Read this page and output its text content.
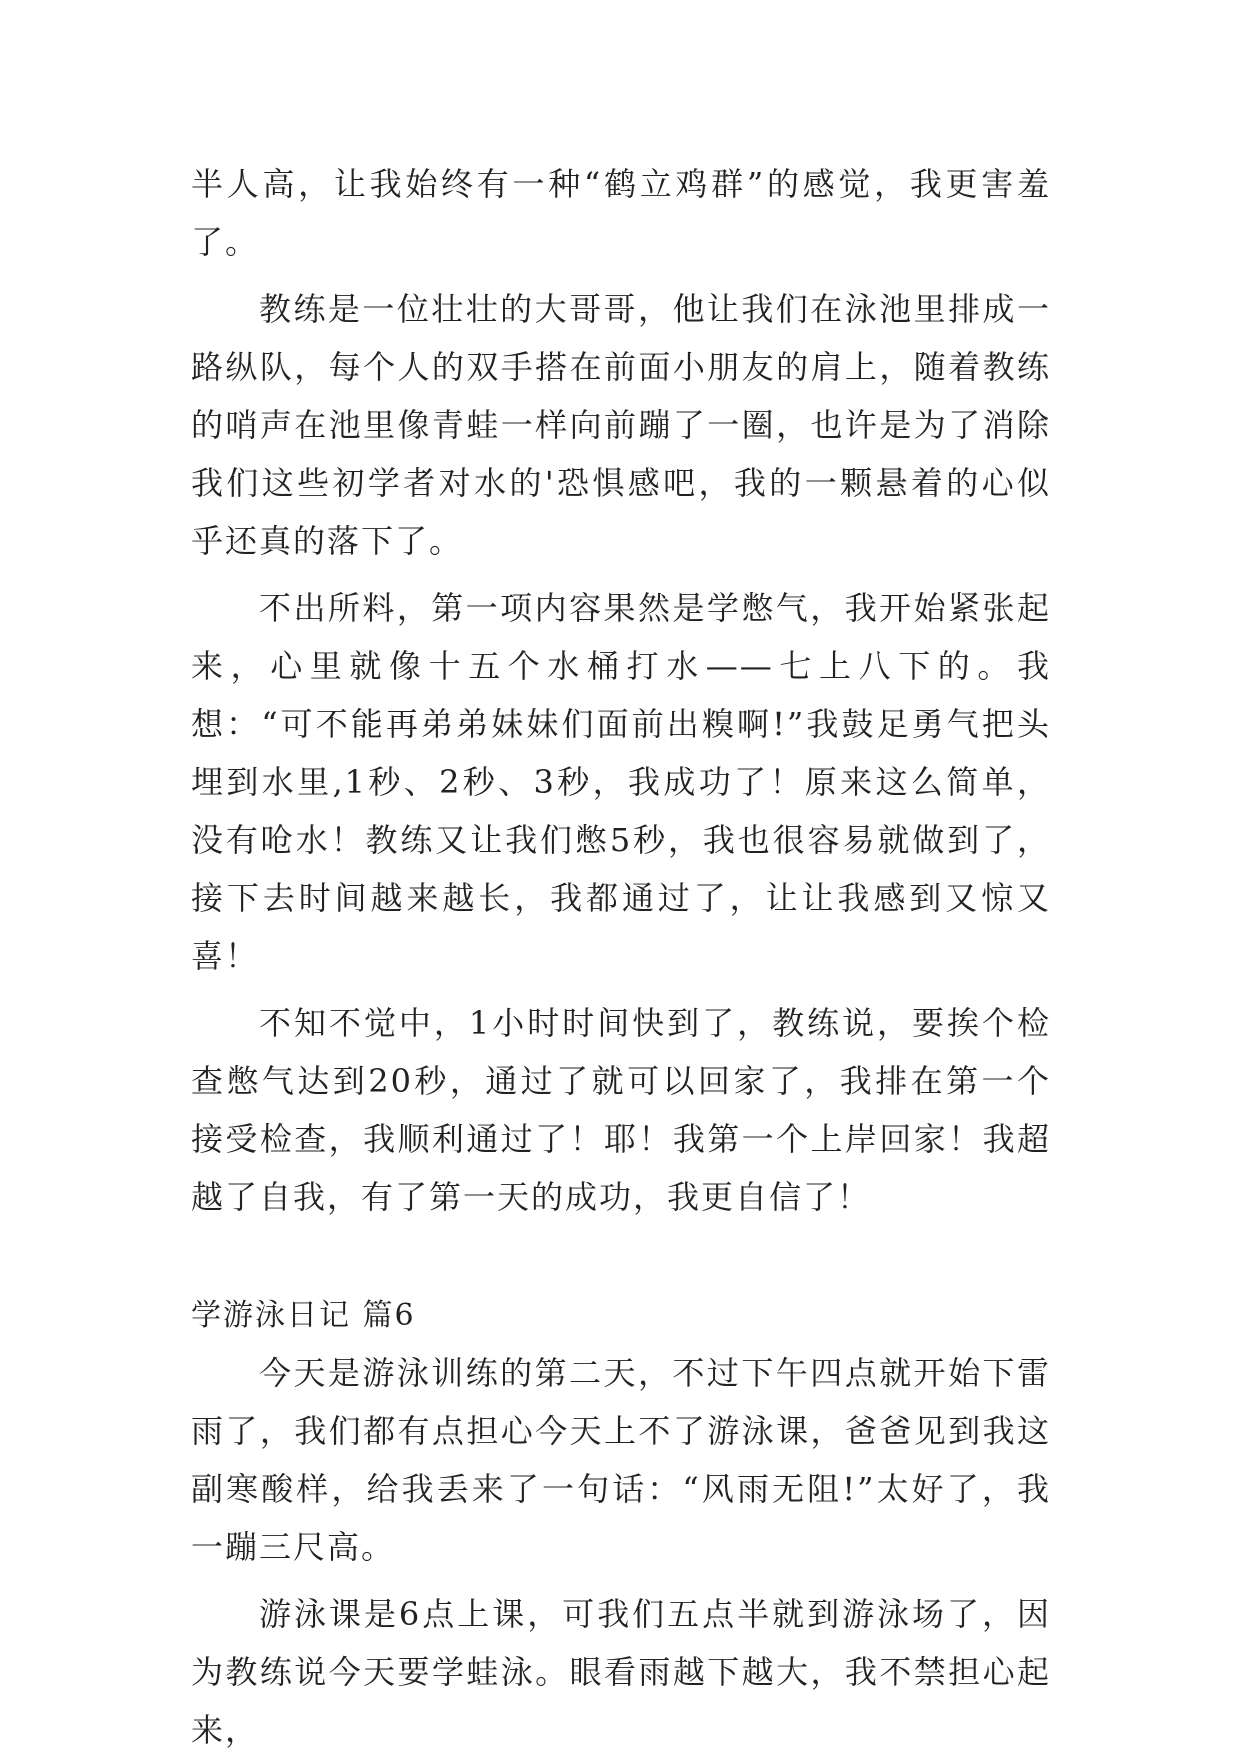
半人高，让我始终有一种“鹤立鸡群”的感觉，我更害羞了。

教练是一位壮壮的大哥哥，他让我们在泳池里排成一路纵队，每个人的双手搭在前面小朋友的肩上，随着教练的哨声在池里像青蛙一样向前蹦了一圈，也许是为了消除我们这些初学者对水的'恐惧感吧，我的一颗悬着的心似乎还真的落下了。

不出所料，第一项内容果然是学憋气，我开始紧张起来，心里就像十五个水桶打水——七上八下的。我想：“可不能再弟弟妹妹们面前出糗啊!”我鼓足勇气把头埋到水里,1秒、2秒、3秒，我成功了！原来这么简单，没有呛水！教练又让我们憋5秒，我也很容易就做到了，接下去时间越来越长，我都通过了，让让我感到又惊又喜！

不知不觉中，1小时时间快到了，教练说，要挨个检查憋气达到20秒，通过了就可以回家了，我排在第一个接受检查，我顺利通过了！耶！我第一个上岸回家！我超越了自我，有了第一天的成功，我更自信了！

学游泳日记 篇6

今天是游泳训练的第二天，不过下午四点就开始下雷雨了，我们都有点担心今天上不了游泳课，爸爸见到我这副寒酸样，给我丢来了一句话：“风雨无阻!”太好了，我一蹦三尺高。

游泳课是6点上课，可我们五点半就到游泳场了，因为教练说今天要学蛙泳。眼看雨越下越大，我不禁担心起来，
